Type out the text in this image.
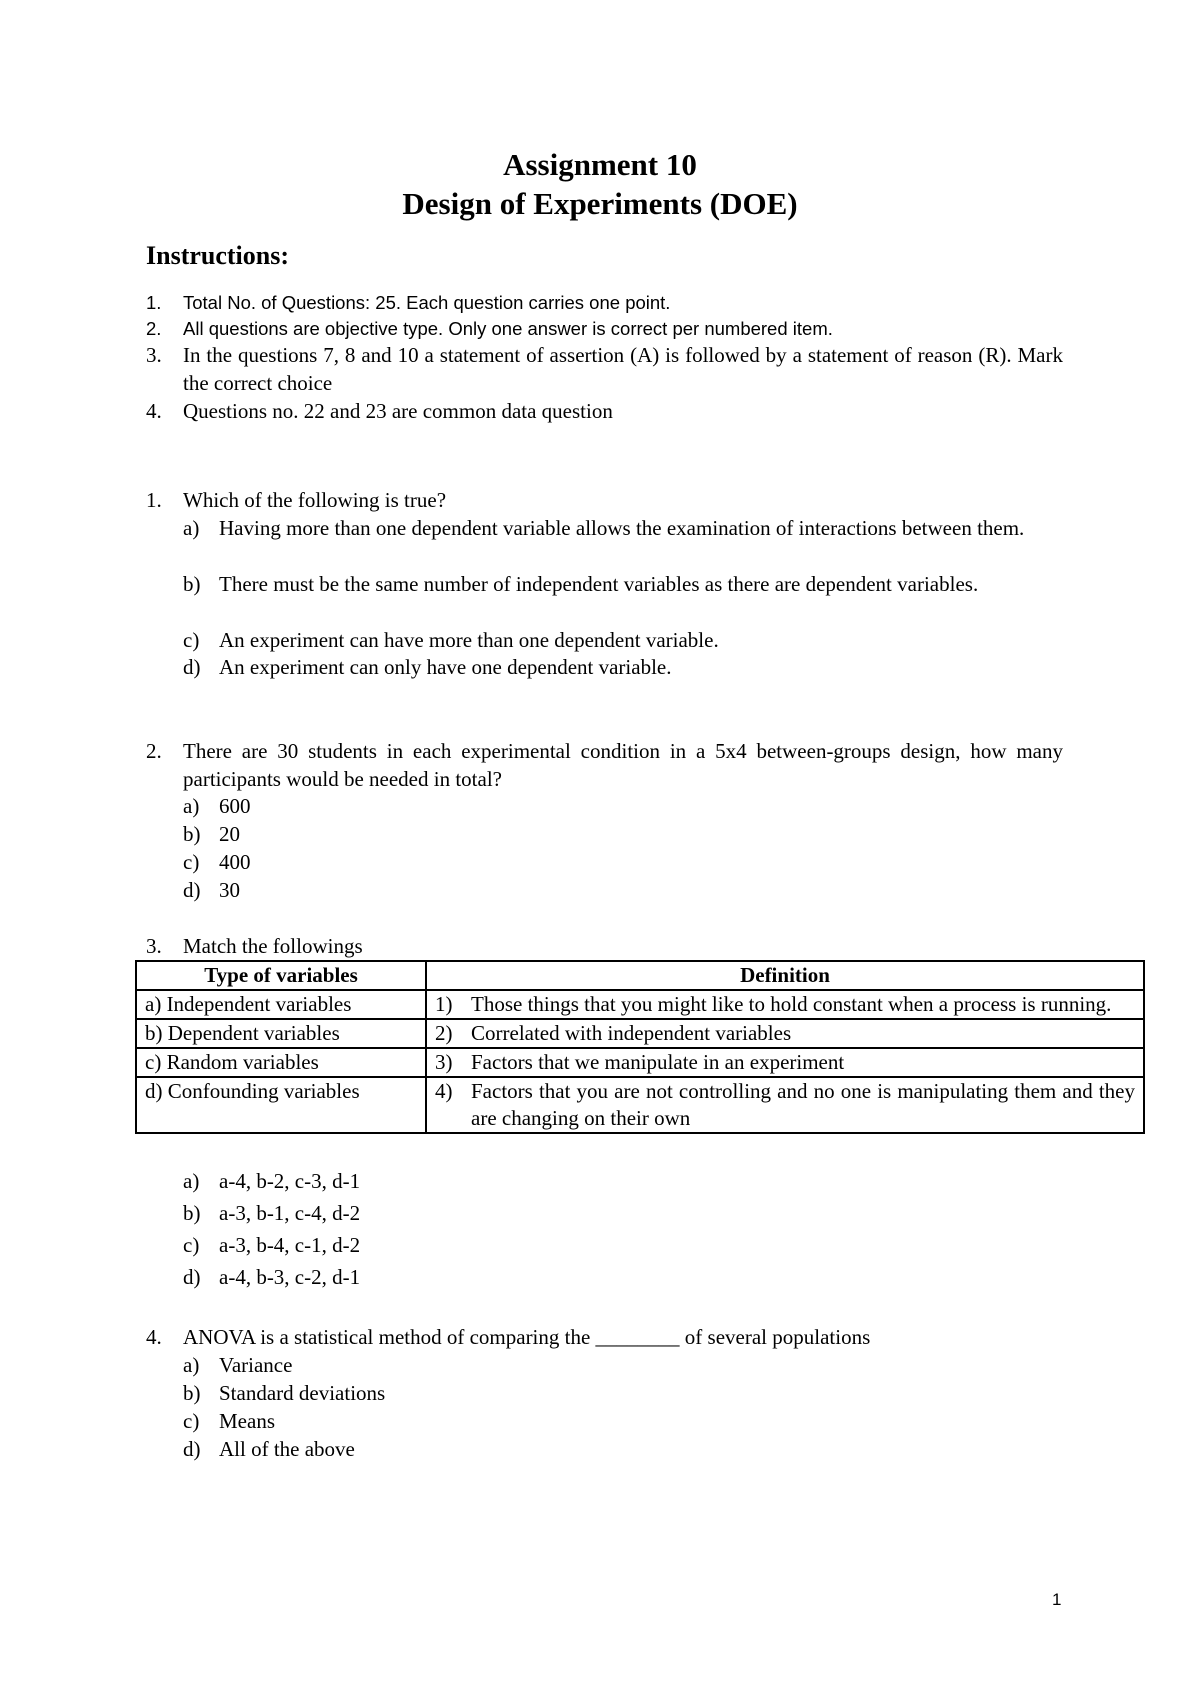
Assignment 10
Design of Experiments (DOE)
Instructions:
1. Total No. of Questions: 25. Each question carries one point.
2. All questions are objective type. Only one answer is correct per numbered item.
3. In the questions 7, 8 and 10 a statement of assertion (A) is followed by a statement of reason (R). Mark the correct choice
4. Questions no. 22 and 23 are common data question
1. Which of the following is true?
a) Having more than one dependent variable allows the examination of interactions between them.
b) There must be the same number of independent variables as there are dependent variables.
c) An experiment can have more than one dependent variable.
d) An experiment can only have one dependent variable.
2. There are 30 students in each experimental condition in a 5x4 between-groups design, how many participants would be needed in total?
a) 600
b) 20
c) 400
d) 30
3. Match the followings
Type of variables	Definition
a) Independent variables	1) Those things that you might like to hold constant when a process is running.

b) Dependent variables	2) Correlated with independent variables

c) Random variables	3) Factors that we manipulate in an experiment

d) Confounding variables	4) Factors that you are not controlling and no one is manipulating them and they are changing on their own
a) a-4, b-2, c-3, d-1
b) a-3, b-1, c-4, d-2
c) a-3, b-4, c-1, d-2
d) a-4, b-3, c-2, d-1
4. ANOVA is a statistical method of comparing the ________ of several populations
a) Variance
b) Standard deviations
c) Means
d) All of the above
1
